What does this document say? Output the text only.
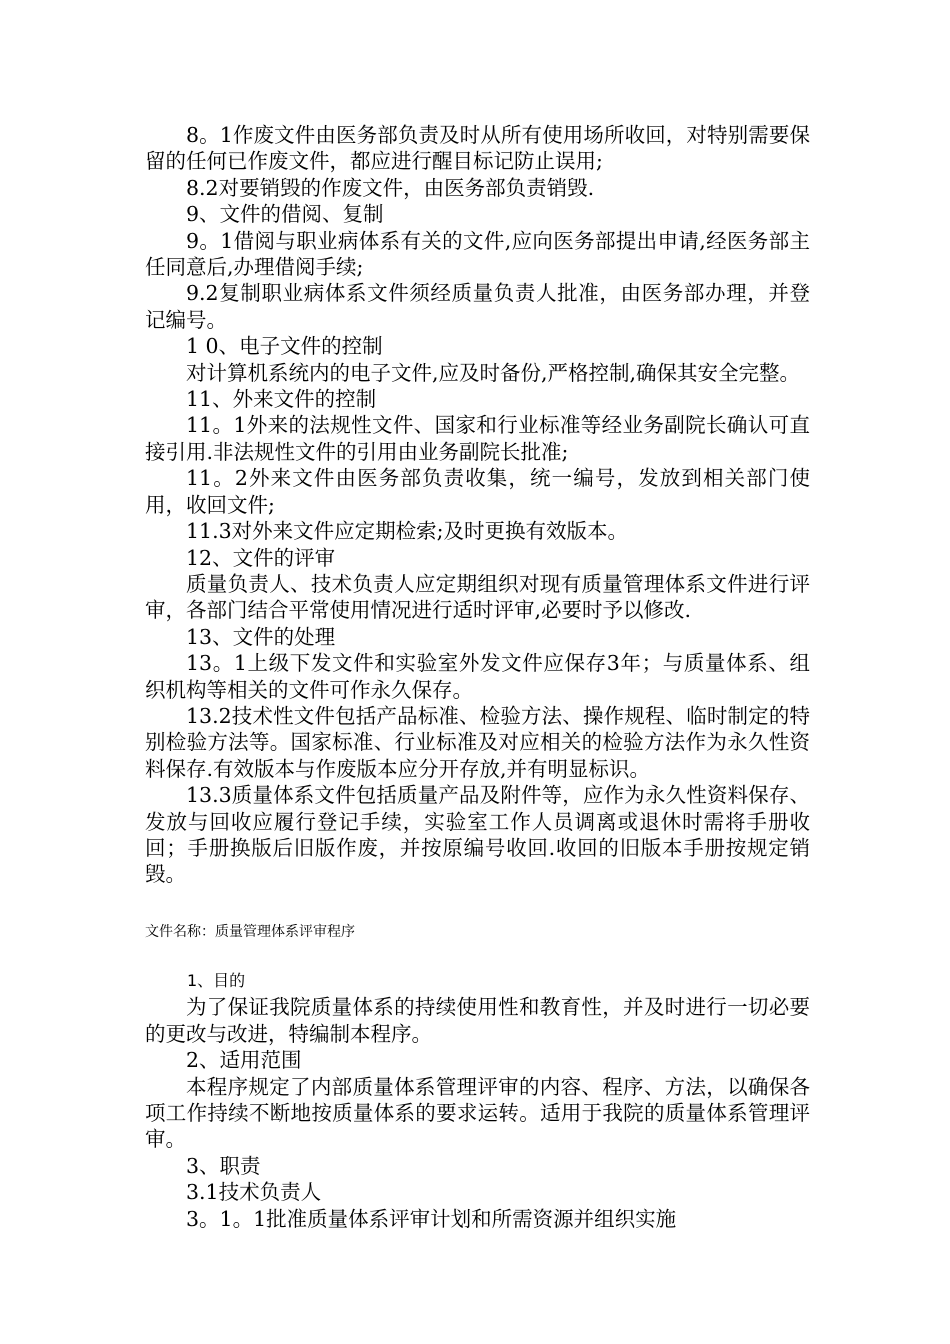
8。1作废文件由医务部负责及时从所有使用场所收回，对特别需要保留的任何已作废文件，都应进行醒目标记防止误用;

8.2对要销毁的作废文件，由医务部负责销毁.

9、文件的借阅、复制

9。1借阅与职业病体系有关的文件,应向医务部提出申请,经医务部主任同意后,办理借阅手续;

9.2复制职业病体系文件须经质量负责人批准，由医务部办理，并登记编号。

1 0、电子文件的控制

对计算机系统内的电子文件,应及时备份,严格控制,确保其安全完整。

11、外来文件的控制

11。1外来的法规性文件、国家和行业标准等经业务副院长确认可直接引用.非法规性文件的引用由业务副院长批准;

11。2外来文件由医务部负责收集，统一编号，发放到相关部门使用，收回文件;

11.3对外来文件应定期检索;及时更换有效版本。

12、文件的评审

质量负责人、技术负责人应定期组织对现有质量管理体系文件进行评审，各部门结合平常使用情况进行适时评审,必要时予以修改.

13、文件的处理

13。1上级下发文件和实验室外发文件应保存3年；与质量体系、组织机构等相关的文件可作永久保存。

13.2技术性文件包括产品标准、检验方法、操作规程、临时制定的特别检验方法等。国家标准、行业标准及对应相关的检验方法作为永久性资料保存.有效版本与作废版本应分开存放,并有明显标识。

13.3质量体系文件包括质量产品及附件等，应作为永久性资料保存、发放与回收应履行登记手续，实验室工作人员调离或退休时需将手册收回；手册换版后旧版作废，并按原编号收回.收回的旧版本手册按规定销毁。

文件名称：质量管理体系评审程序

1、目的

为了保证我院质量体系的持续使用性和教育性，并及时进行一切必要的更改与改进，特编制本程序。

2、适用范围

本程序规定了内部质量体系管理评审的内容、程序、方法，以确保各项工作持续不断地按质量体系的要求运转。适用于我院的质量体系管理评审。

3、职责

3.1技术负责人

3。1。1批准质量体系评审计划和所需资源并组织实施
